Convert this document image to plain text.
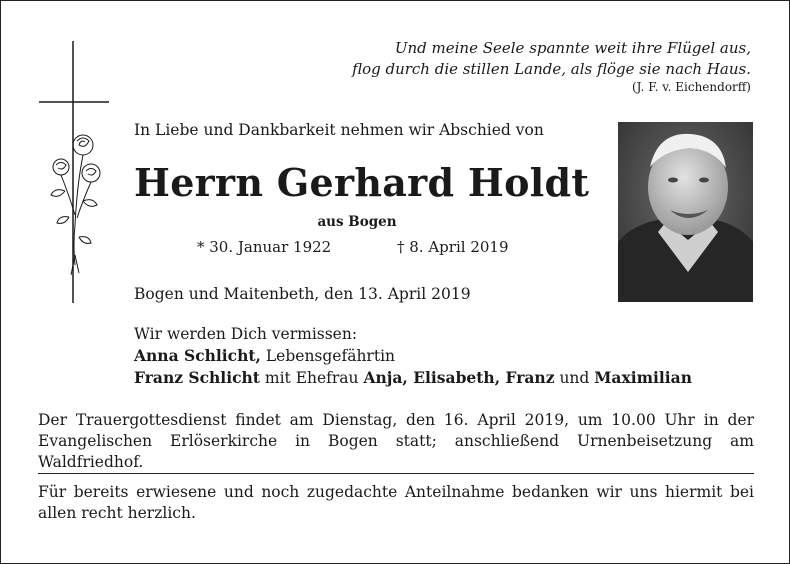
Und meine Seele spannte weit ihre Flügel aus,
flog durch die stillen Lande, als flöge sie nach Haus.
(J. F. v. Eichendorff)
In Liebe und Dankbarkeit nehmen wir Abschied von
Herrn Gerhard Holdt
aus Bogen
* 30. Januar 1922	† 8. April 2019
Bogen und Maitenbeth, den 13. April 2019
Wir werden Dich vermissen:
Anna Schlicht, Lebensgefährtin
Franz Schlicht mit Ehefrau Anja, Elisabeth, Franz und Maximilian
Der Trauergottesdienst findet am Dienstag, den 16. April 2019, um 10.00 Uhr in der Evangelischen Erlöserkirche in Bogen statt; anschließend Urnenbeisetzung am Waldfriedhof.
Für bereits erwiesene und noch zugedachte Anteilnahme bedanken wir uns hiermit bei allen recht herzlich.
